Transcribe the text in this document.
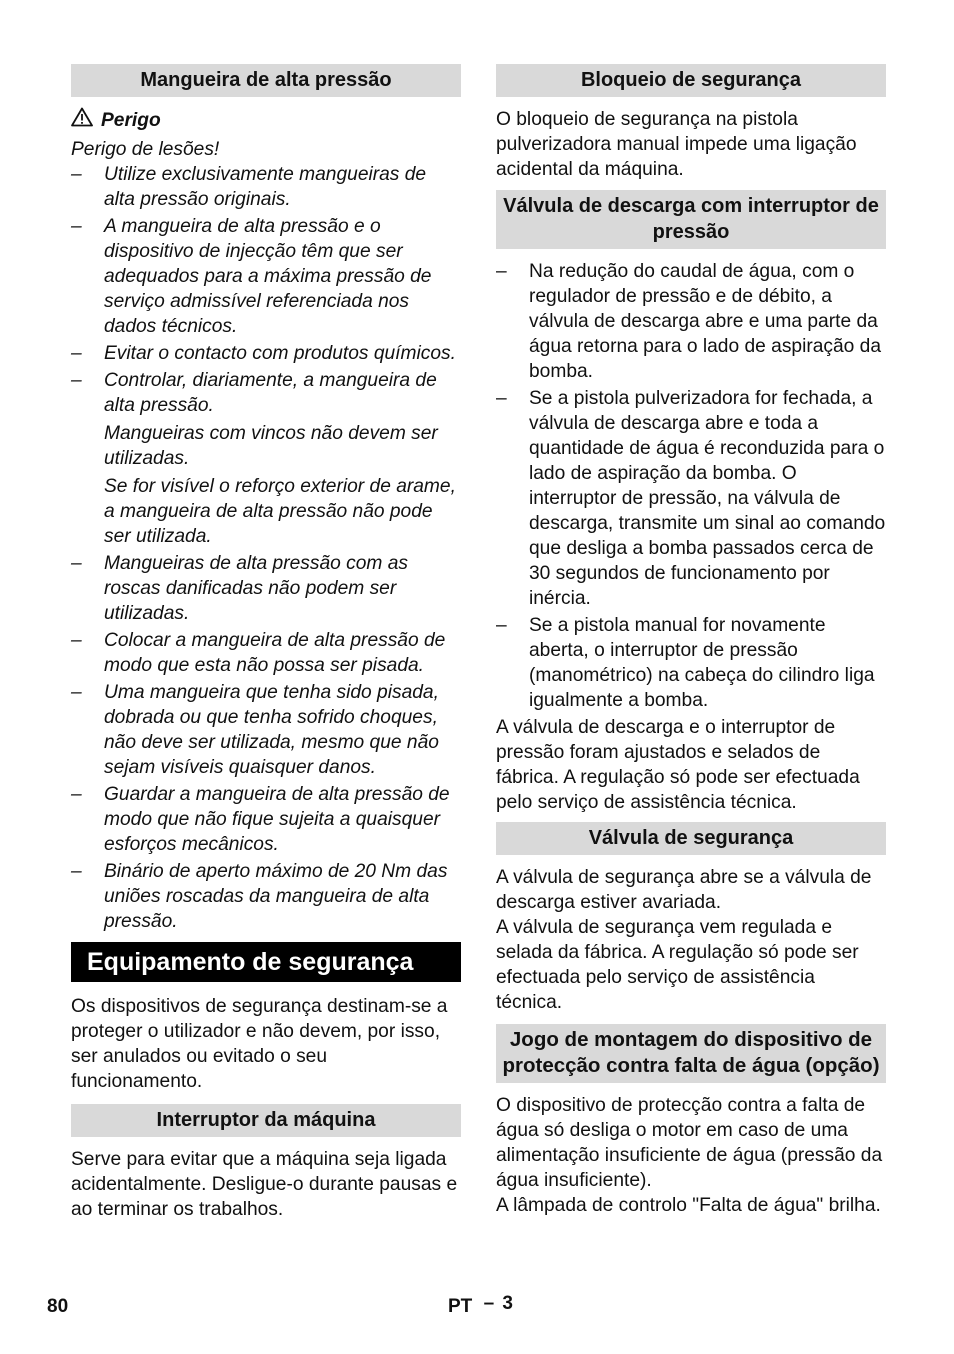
Mangueira de alta pressão
Perigo

Perigo de lesões!

– Utilize exclusivamente mangueiras de alta pressão originais.
– A mangueira de alta pressão e o dispositivo de injecção têm que ser adequados para a máxima pressão de serviço admissível referenciada nos dados técnicos.
– Evitar o contacto com produtos químicos.

– Controlar, diariamente, a mangueira de alta pressão.

Mangueiras com vincos não devem ser utilizadas.

Se for visível o reforço exterior de arame, a mangueira de alta pressão não pode ser utilizada.

– Mangueiras de alta pressão com as roscas danificadas não podem ser utilizadas.
– Colocar a mangueira de alta pressão de modo que esta não possa ser pisada.
– Uma mangueira que tenha sido pisada, dobrada ou que tenha sofrido choques, não deve ser utilizada, mesmo que não sejam visíveis quaisquer danos.
– Guardar a mangueira de alta pressão de modo que não fique sujeita a quaisquer esforços mecânicos.
– Binário de aperto máximo de 20 Nm das uniões roscadas da mangueira de alta pressão.
Equipamento de segurança

Os dispositivos de segurança destinam-se a proteger o utilizador e não devem, por isso, ser anulados ou evitado o seu funcionamento.

Interruptor da máquina

Serve para evitar que a máquina seja ligada acidentalmente. Desligue-o durante pausas e ao terminar os trabalhos.

Bloqueio de segurança

O bloqueio de segurança na pistola pulverizadora manual impede uma ligação acidental da máquina.

Válvula de descarga com interruptor de pressão
– Na redução do caudal de água, com o regulador de pressão e de débito, a válvula de descarga abre e uma parte da água retorna para o lado de aspiração da bomba.
– Se a pistola pulverizadora for fechada, a válvula de descarga abre e toda a quantidade de água é reconduzida para o lado de aspiração da bomba. O interruptor de pressão, na válvula de descarga, transmite um sinal ao comando que desliga a bomba passados cerca de 30 segundos de funcionamento por inércia.
– Se a pistola manual for novamente aberta, o interruptor de pressão (manométrico) na cabeça do cilindro liga igualmente a bomba.

A válvula de descarga e o interruptor de pressão foram ajustados e selados de fábrica. A regulação só pode ser efectuada pelo serviço de assistência técnica.

Válvula de segurança

A válvula de segurança abre se a válvula de descarga estiver avariada.

A válvula de segurança vem regulada e selada da fábrica. A regulação só pode ser efectuada pelo serviço de assistência técnica.

Jogo de montagem do dispositivo de protecção contra falta de água (opção)

O dispositivo de protecção contra a falta de água só desliga o motor em caso de uma alimentação insuficiente de água (pressão da água insuficiente).

A lâmpada de controlo "Falta de água" brilha.

80	PT – 3
